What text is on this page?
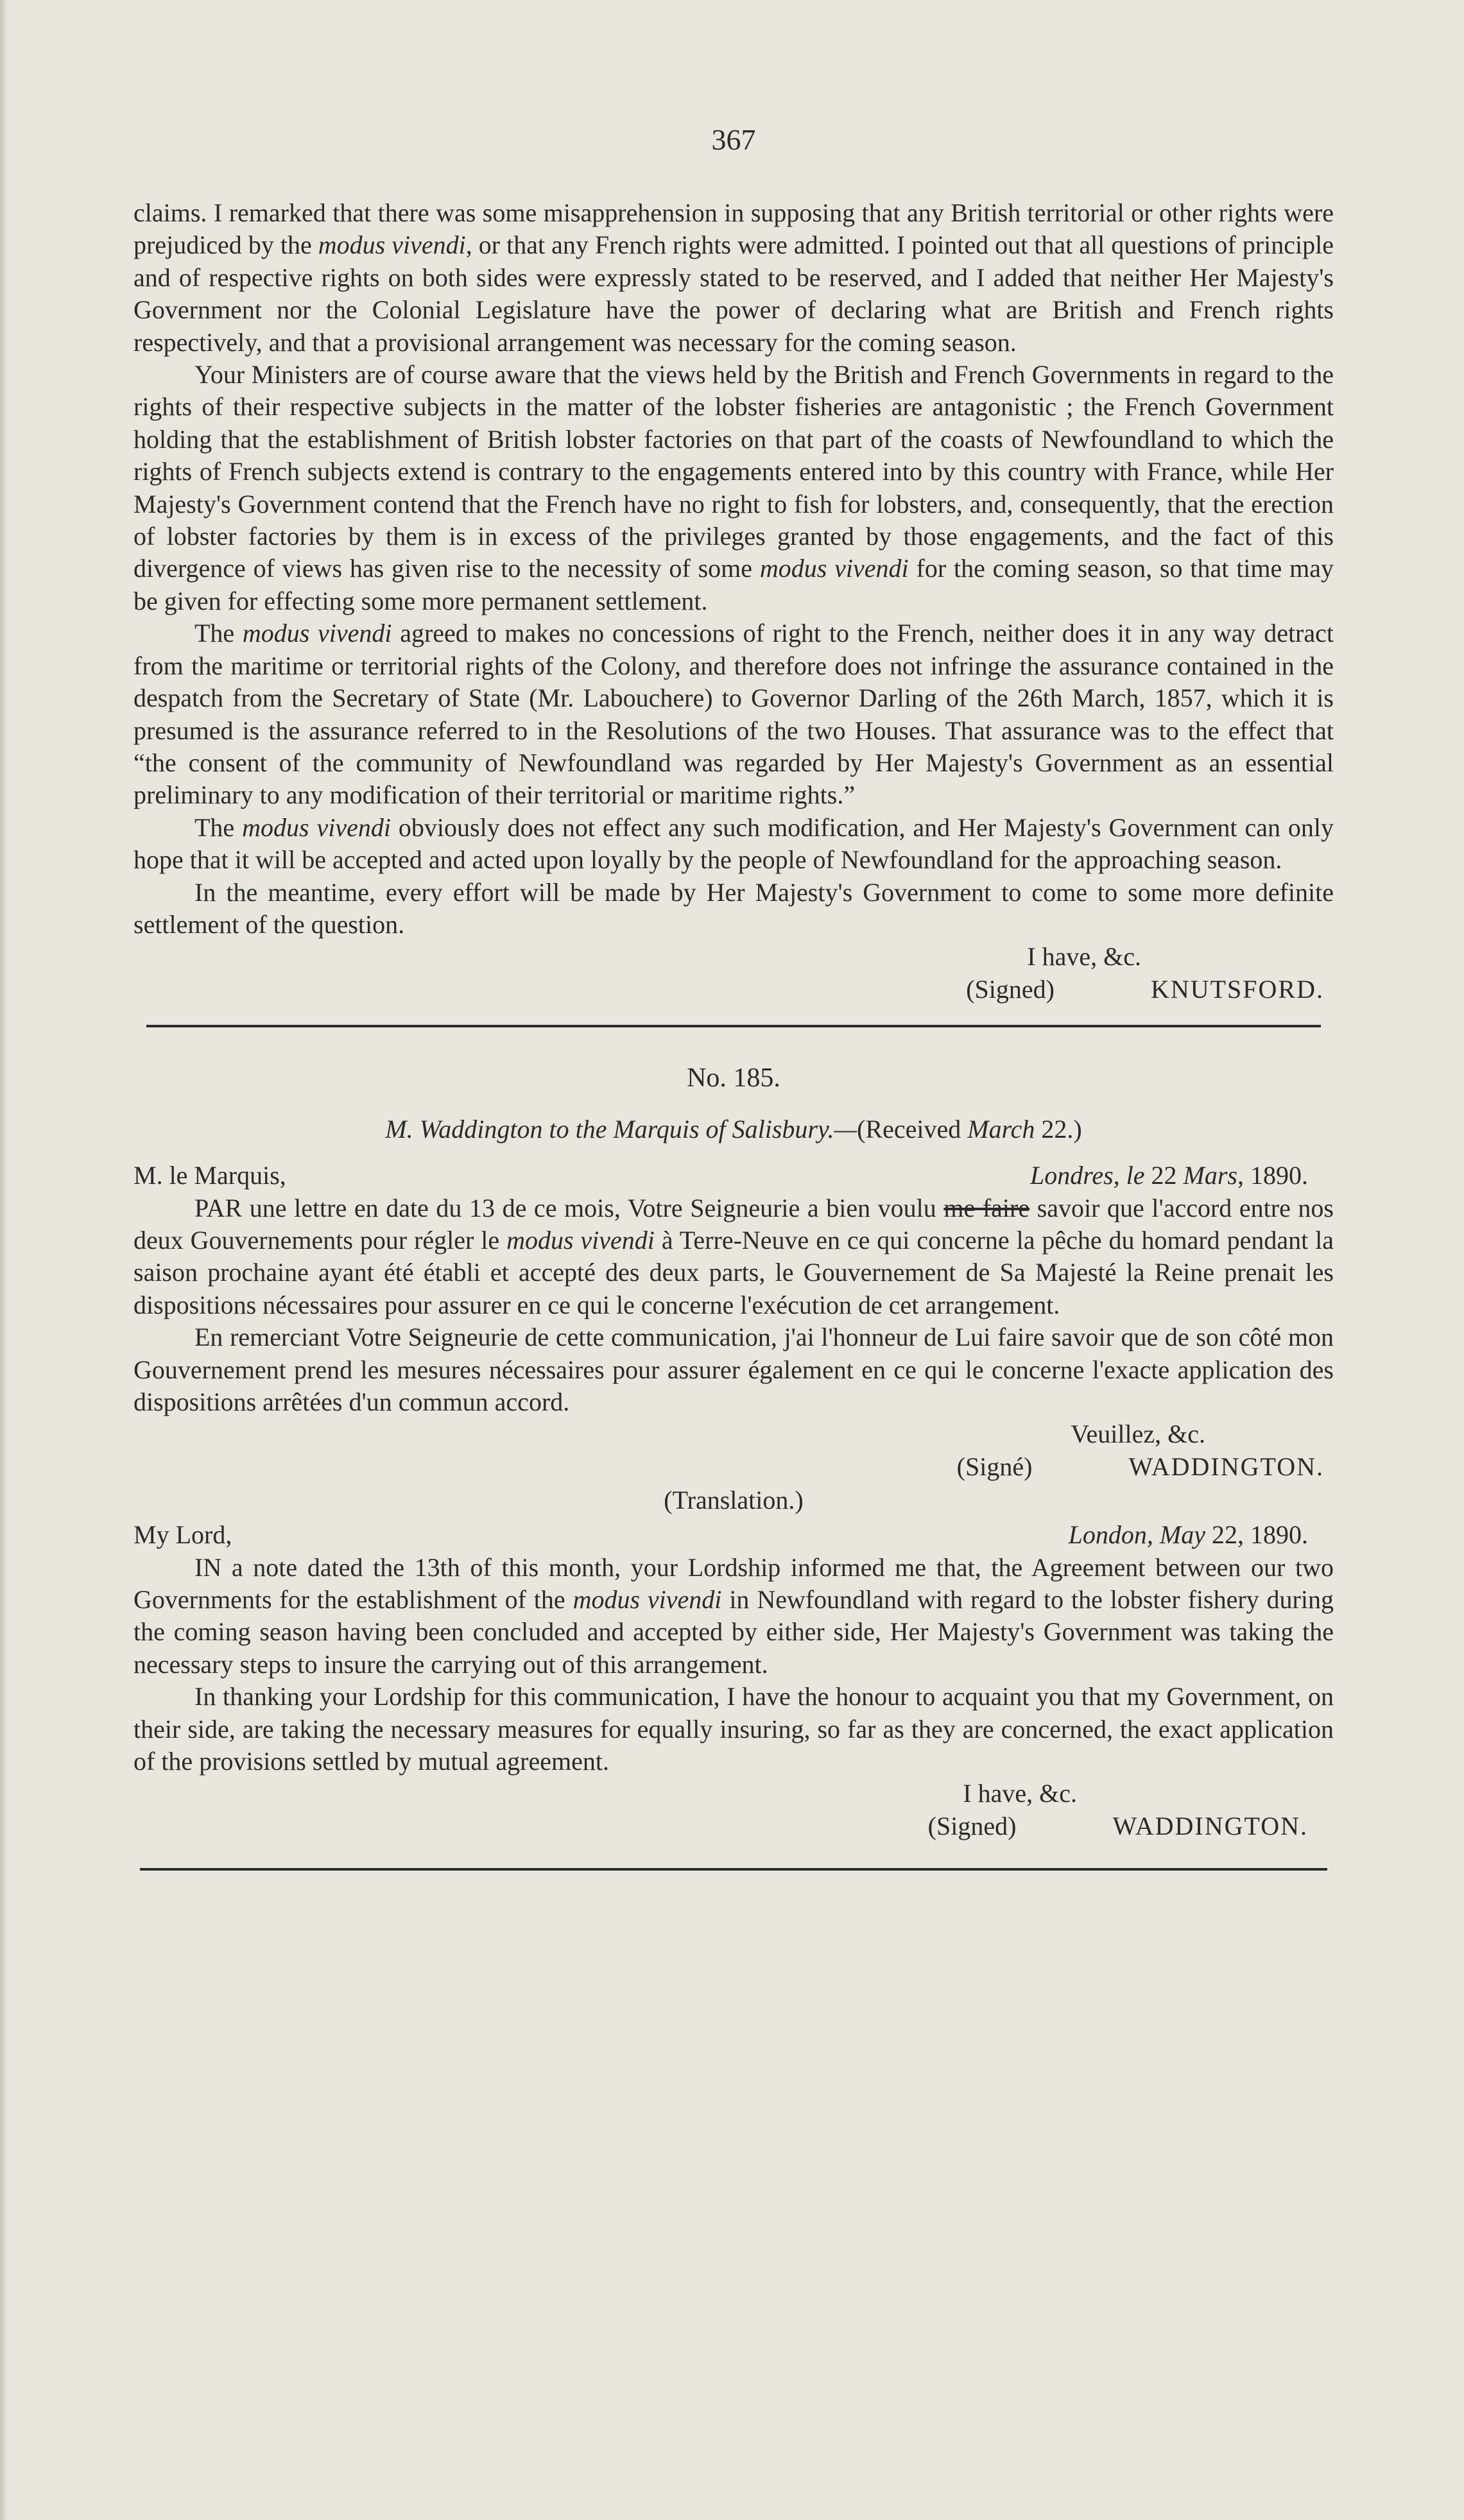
367

claims. I remarked that there was some misapprehension in supposing that any British territorial or other rights were prejudiced by the modus vivendi, or that any French rights were admitted. I pointed out that all questions of principle and of respective rights on both sides were expressly stated to be reserved, and I added that neither Her Majesty's Government nor the Colonial Legislature have the power of declaring what are British and French rights respectively, and that a provisional arrangement was necessary for the coming season.

Your Ministers are of course aware that the views held by the British and French Governments in regard to the rights of their respective subjects in the matter of the lobster fisheries are antagonistic ; the French Government holding that the establishment of British lobster factories on that part of the coasts of Newfoundland to which the rights of French subjects extend is contrary to the engagements entered into by this country with France, while Her Majesty's Government contend that the French have no right to fish for lobsters, and, consequently, that the erection of lobster factories by them is in excess of the privileges granted by those engagements, and the fact of this divergence of views has given rise to the necessity of some modus vivendi for the coming season, so that time may be given for effecting some more permanent settlement.

The modus vivendi agreed to makes no concessions of right to the French, neither does it in any way detract from the maritime or territorial rights of the Colony, and therefore does not infringe the assurance contained in the despatch from the Secretary of State (Mr. Labouchere) to Governor Darling of the 26th March, 1857, which it is presumed is the assurance referred to in the Resolutions of the two Houses. That assurance was to the effect that “the consent of the community of Newfoundland was regarded by Her Majesty's Government as an essential preliminary to any modification of their territorial or maritime rights.”

The modus vivendi obviously does not effect any such modification, and Her Majesty's Government can only hope that it will be accepted and acted upon loyally by the people of Newfoundland for the approaching season.

In the meantime, every effort will be made by Her Majesty's Government to come to some more definite settlement of the question.

I have, &c.
(Signed)	KNUTSFORD.
No. 185.
M. Waddington to the Marquis of Salisbury.—(Received March 22.)
M. le Marquis,	Londres, le 22 Mars, 1890.

PAR une lettre en date du 13 de ce mois, Votre Seigneurie a bien voulu me faire savoir que l'accord entre nos deux Gouvernements pour régler le modus vivendi à Terre-Neuve en ce qui concerne la pêche du homard pendant la saison prochaine ayant été établi et accepté des deux parts, le Gouvernement de Sa Majesté la Reine prenait les dispositions nécessaires pour assurer en ce qui le concerne l'exécution de cet arrangement.

En remerciant Votre Seigneurie de cette communication, j'ai l'honneur de Lui faire savoir que de son côté mon Gouvernement prend les mesures nécessaires pour assurer également en ce qui le concerne l'exacte application des dispositions arrêtées d'un commun accord.

Veuillez, &c.
(Signé)	WADDINGTON.
(Translation.)
My Lord,	London, May 22, 1890.

IN a note dated the 13th of this month, your Lordship informed me that, the Agreement between our two Governments for the establishment of the modus vivendi in Newfoundland with regard to the lobster fishery during the coming season having been concluded and accepted by either side, Her Majesty's Government was taking the necessary steps to insure the carrying out of this arrangement.

In thanking your Lordship for this communication, I have the honour to acquaint you that my Government, on their side, are taking the necessary measures for equally insuring, so far as they are concerned, the exact application of the provisions settled by mutual agreement.

I have, &c.
(Signed)	WADDINGTON.
